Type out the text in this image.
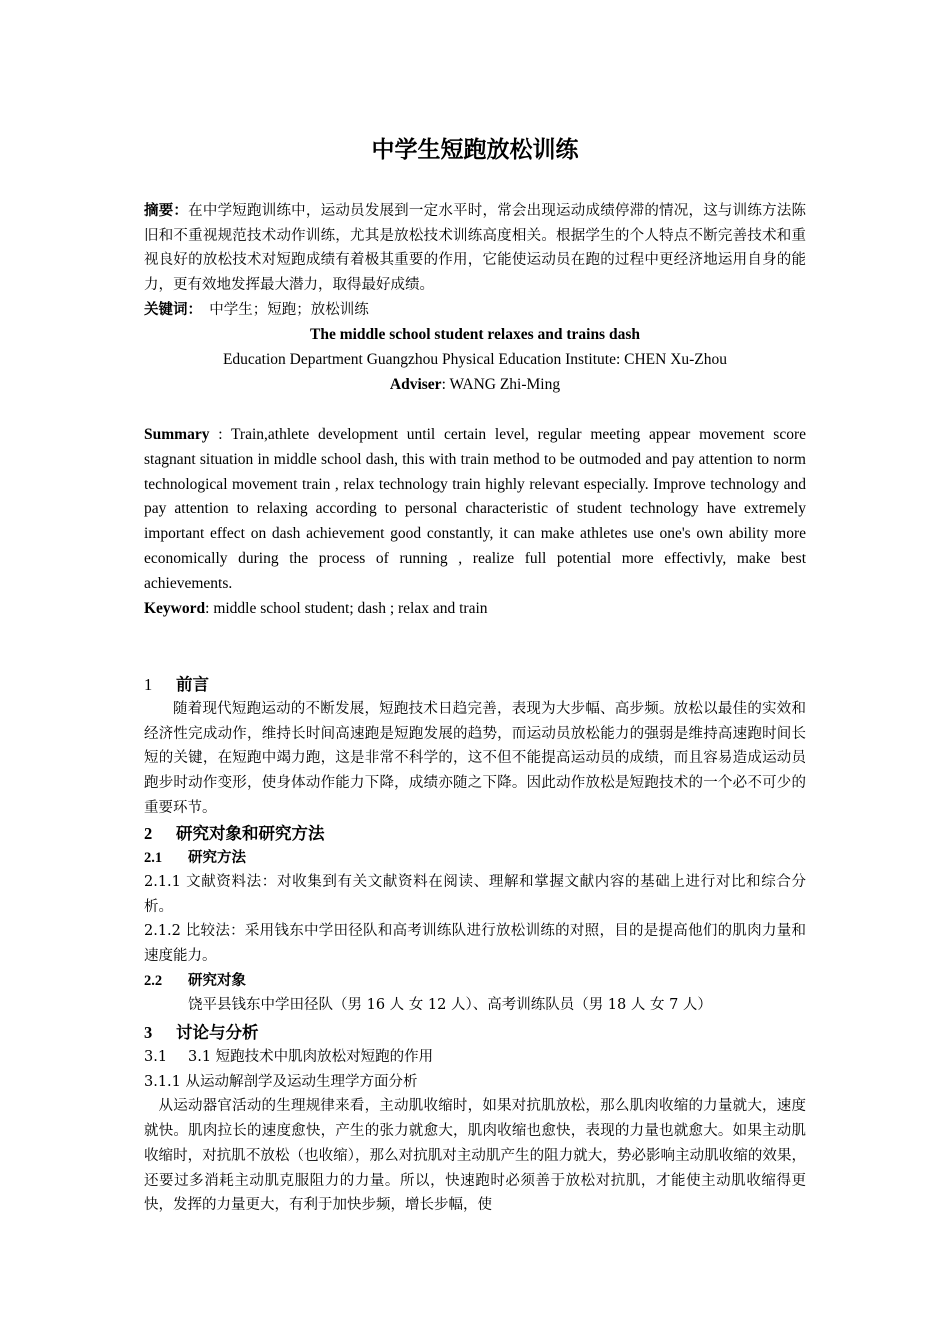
中学生短跑放松训练

摘要：在中学短跑训练中，运动员发展到一定水平时，常会出现运动成绩停滞的情况，这与训练方法陈旧和不重视规范技术动作训练，尤其是放松技术训练高度相关。根据学生的个人特点不断完善技术和重视良好的放松技术对短跑成绩有着极其重要的作用，它能使运动员在跑的过程中更经济地运用自身的能力，更有效地发挥最大潜力，取得最好成绩。

关键词： 中学生；短跑；放松训练

The middle school student relaxes and trains dash

Education Department Guangzhou Physical Education Institute: CHEN Xu-Zhou

Adviser: WANG Zhi-Ming

Summary : Train,athlete development until certain level, regular meeting appear movement score stagnant situation in middle school dash, this with train method to be outmoded and pay attention to norm technological movement train , relax technology train highly relevant especially. Improve technology and pay attention to relaxing according to personal characteristic of student technology have extremely important effect on dash achievement good constantly, it can make athletes use one's own ability more economically during the process of running , realize full potential more effectivly, make best achievements.

Keyword: middle school student; dash ; relax and train

1 前言

随着现代短跑运动的不断发展，短跑技术日趋完善，表现为大步幅、高步频。放松以最佳的实效和经济性完成动作，维持长时间高速跑是短跑发展的趋势，而运动员放松能力的强弱是维持高速跑时间长短的关键，在短跑中竭力跑，这是非常不科学的，这不但不能提高运动员的成绩，而且容易造成运动员跑步时动作变形，使身体动作能力下降，成绩亦随之下降。因此动作放松是短跑技术的一个必不可少的重要环节。

2 研究对象和研究方法

2.1 研究方法

2.1.1 文献资料法：对收集到有关文献资料在阅读、理解和掌握文献内容的基础上进行对比和综合分析。

2.1.2 比较法：采用钱东中学田径队和高考训练队进行放松训练的对照，目的是提高他们的肌肉力量和速度能力。

2.2 研究对象

饶平县钱东中学田径队（男 16 人 女 12 人）、高考训练队员（男 18 人 女 7 人）

3 讨论与分析

3.1 3.1 短跑技术中肌肉放松对短跑的作用

3.1.1 从运动解剖学及运动生理学方面分析

从运动器官活动的生理规律来看，主动肌收缩时，如果对抗肌放松，那么肌肉收缩的力量就大，速度就快。肌肉拉长的速度愈快，产生的张力就愈大，肌肉收缩也愈快，表现的力量也就愈大。如果主动肌收缩时，对抗肌不放松（也收缩），那么对抗肌对主动肌产生的阻力就大，势必影响主动肌收缩的效果，还要过多消耗主动肌克服阻力的力量。所以，快速跑时必须善于放松对抗肌，才能使主动肌收缩得更快，发挥的力量更大，有利于加快步频，增长步幅，使
